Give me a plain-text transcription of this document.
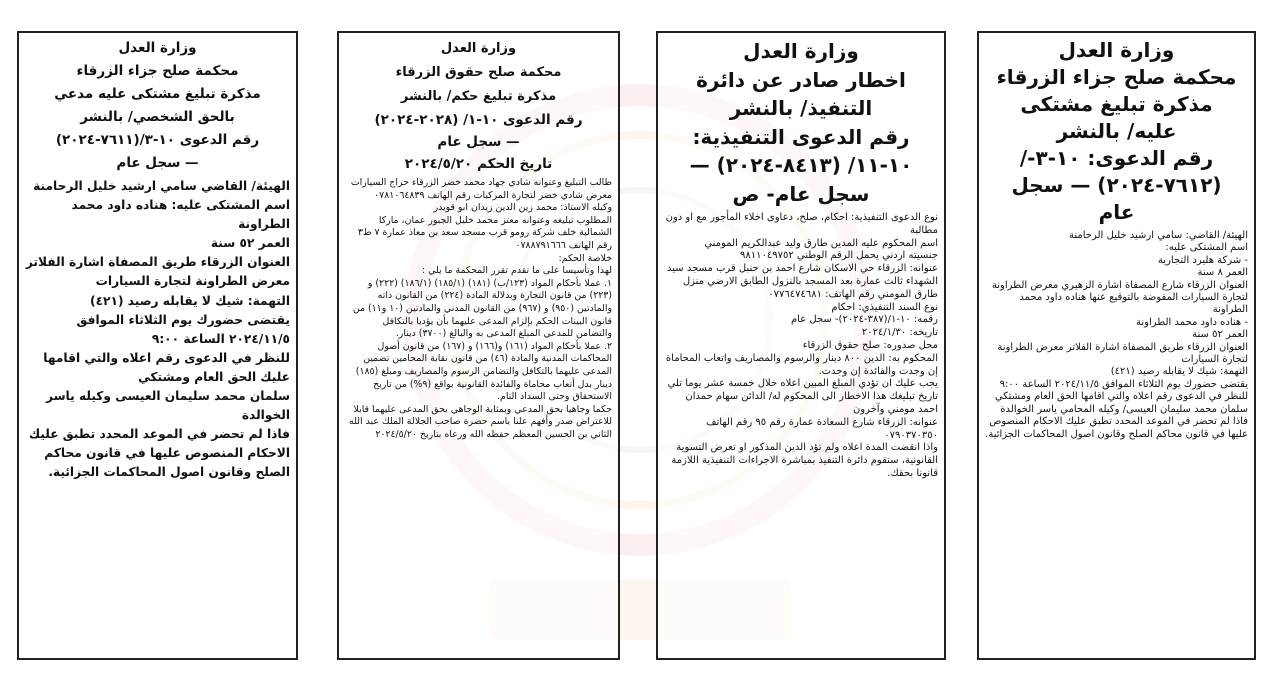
وزارة العدل

محكمة صلح جزاء الزرقاء

مذكرة تبليغ مشتكى

عليه/ بالنشر

رقم الدعوى: ١٠-٣-/

(٧٦١٢-٢٠٢٤) — سجل

عام

الهيئة/ القاضي: سامي ارشيد خليل الرحامنة

اسم المشتكى عليه:

- شركة هليرد التجارية

العمر ٨ سنة

العنوان الزرقاء شارع المصفاة اشارة الزهيري معرض الطراونة لتجارة السيارات المفوضة بالتوقيع عنها هناده داود محمد الطراونة

- هناده داود محمد الطراونة

العمر ٥٢ سنة

العنوان الزرقاء طريق المصفاة اشارة الفلاتر معرض الطراونة لتجارة السيارات

التهمة: شيك لا يقابله رصيد (٤٢١)

يقتضى حضورك يوم الثلاثاء الموافق ٢٠٢٤/١١/٥ الساعة ٩:٠٠

للنظر في الدعوى رقم اعلاه والتي اقامها الحق العام ومشتكي

سلمان محمد سليمان العيسى/ وكيله المحامي ياسر الخوالدة

فاذا لم تحضر في الموعد المحدد تطبق عليك الاحكام المنصوص عليها في قانون محاكم الصلح وقانون اصول المحاكمات الجزائية.

وزارة العدل

اخطار صادر عن دائرة

التنفيذ/ بالنشر

رقم الدعوى التنفيذية:

١٠-١١/ (٨٤١٣-٢٠٢٤) —

سجل عام- ص

نوع الدعوى التنفيذية: احكام، صلح، دعاوى اخلاء المأجور مع او دون مطالبة

اسم المحكوم عليه المدين طارق وليد عبدالكريم المومني

جنسيته اردني يحمل الرقم الوطني ٩٨١١٠٤٩٧٥٢

عنوانه: الزرقاء حي الاسكان شارع احمد بن حنبل قرب مسجد سيد الشهداء ثالث عمارة بعد المسجد بالنزول الطابق الارضي منزل طارق المومني رقم الهاتف: ٠٧٧٦٤٧٤٦٨١

نوع السند التنفيذي: احكام

رقمه: ١٠-١/(٣٨٧-٢٠٢٤)- سجل عام

تاريخه: ٢٠٢٤/١/٣٠

محل صدوره: صلح حقوق الزرقاء

المحكوم به: الدين ٨٠٠ دينار والرسوم والمصاريف واتعاب المحاماة إن وجدت والفائدة إن وجدت.

يجب عليك ان تؤدي المبلغ المبين اعلاه خلال خمسة عشر يوما تلي تاريخ تبليغك هذا الاخطار الى المحكوم له/ الدائن سهام حمدان احمد مومني وآخرون

عنوانه: الزرقاء شارع السعادة عمارة رقم ٩٥ رقم الهاتف ٠٧٩٠٣٧٠٣٥٠

واذا انقضت المدة اعلاه ولم تؤد الدين المذكور او تعرض التسوية القانونية، ستقوم دائرة التنفيذ بمباشرة الاجراءات التنفيذية اللازمة قانونا بحقك.

وزارة العدل

محكمة صلح حقوق الزرقاء

مذكرة تبليغ حكم/ بالنشر

رقم الدعوى ١٠-١/ (٢٠٢٨-٢٠٢٤)

— سجل عام

تاريخ الحكم ٢٠٢٤/٥/٢٠

طالب التبليغ وعنوانه شادي جهاد محمد خضر الزرقاء حراج السيارات معرض شادي خضر لتجارة المركبات رقم الهاتف ٠٧٨١٠٦٤٨٣٩

وكيله الاستاذ: محمد زين الدين زيدان ابو قويدر

المطلوب تبليغه وعنوانه معتز محمد خليل الجبور عمان، ماركا الشمالية خلف شركة رومو قرب مسجد سعد بن معاذ عمارة ٧ ط٣ رقم الهاتف ٠٧٨٨٧٩١٦٦٦

خلاصة الحكم:

لهذا وتأسيسا على ما تقدم تقرر المحكمة ما يلي :

١. عملا بأحكام المواد (١٢٣/ب) (١٨١) (١٨٥/١) (١٨٦/١) (٢٢٢) و (٢٢٣) من قانون التجارة وبدلالة المادة (٢٢٤) من القانون ذاته والمادتين (٩٥٠) و (٩٦٧) من القانون المدني والمادتين (١٠ و١١) من قانون البينات الحكم بإلزام المدعى عليهما بأن يؤديا بالتكافل والتضامن للمدعي المبلغ المدعى به والبالغ (٣٧٠٠) دينار.

٢. عملا بأحكام المواد (١٦١) و(١٦٦) و (١٦٧) من قانون أصول المحاكمات المدنية والمادة (٤٦) من قانون نقابة المحامين تضمين المدعى عليهما بالتكافل والتضامن الرسوم والمصاريف ومبلغ (١٨٥) دينار بدل أتعاب محاماة والفائدة القانونية بواقع (٩%) من تاريخ الاستحقاق وحتى السداد التام.

حكما وجاهيا بحق المدعي وبمثابة الوجاهي بحق المدعى عليهما قابلا للاعتراض صدر وأفهم علنا باسم حضرة صاحب الجلالة الملك عبد الله الثاني بن الحسين المعظم حفظه الله ورعاه بتاريخ ٢٠٢٤/٥/٢٠

وزارة العدل

محكمة صلح جزاء الزرقاء

مذكرة تبليغ مشتكى عليه مدعي

بالحق الشخصي/ بالنشر

رقم الدعوى ١٠-٣/(٧٦١١-٢٠٢٤)

— سجل عام

الهيئة/ القاضي سامي ارشيد خليل الرحامنة

اسم المشتكى عليه: هناده داود محمد الطراونة

العمر ٥٢ سنة

العنوان الزرقاء طريق المصفاة اشارة الفلاتر معرض الطراونة لتجارة السيارات

التهمة: شيك لا يقابله رصيد (٤٢١)

يقتضى حضورك يوم الثلاثاء الموافق ٢٠٢٤/١١/٥ الساعة ٩:٠٠

للنظر في الدعوى رقم اعلاه والتي اقامها عليك الحق العام ومشتكي

سلمان محمد سليمان العيسى وكيله ياسر الخوالدة

فاذا لم تحضر في الموعد المحدد تطبق عليك الاحكام المنصوص عليها في قانون محاكم الصلح وقانون اصول المحاكمات الجزائية.
